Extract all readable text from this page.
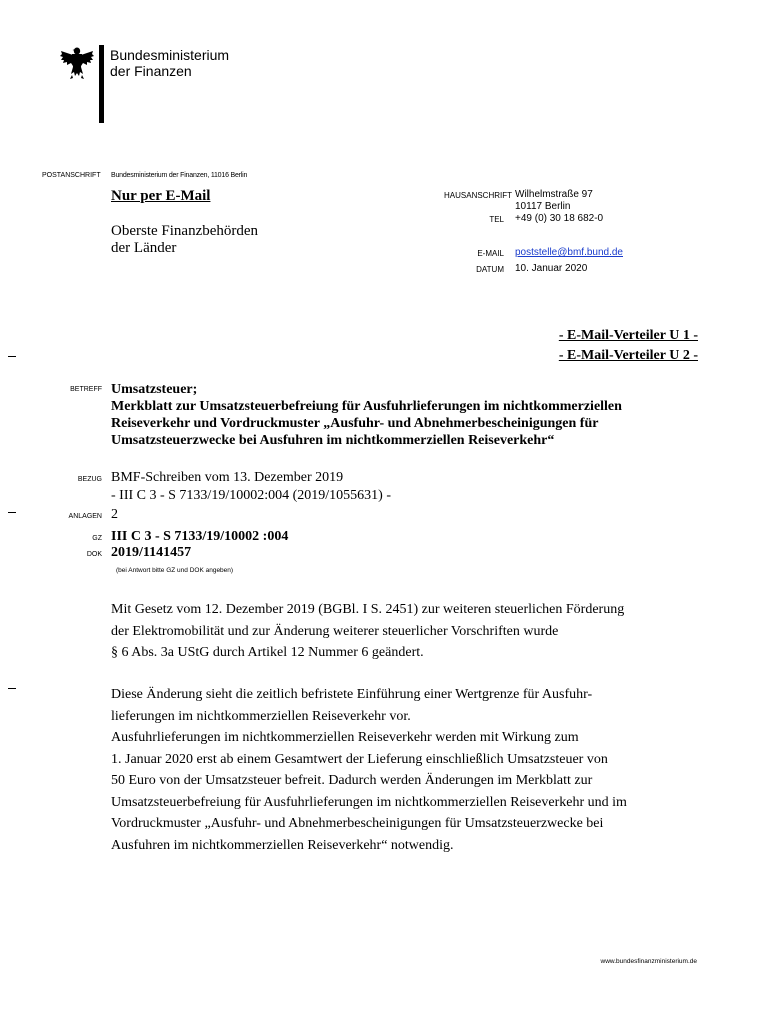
Bundesministerium
der Finanzen
POSTANSCHRIFT Bundesministerium der Finanzen, 11016 Berlin
Nur per E-Mail
Oberste Finanzbehörden
der Länder
HAUSANSCHRIFT Wilhelmstraße 97
10117 Berlin
+49 (0) 30 18 682-0
TEL
E-MAIL poststelle@bmf.bund.de
DATUM 10. Januar 2020
- E-Mail-Verteiler U 1 -
- E-Mail-Verteiler U 2 -
BETREFF Umsatzsteuer;
Merkblatt zur Umsatzsteuerbefreiung für Ausfuhrlieferungen im nichtkommerziellen
Reiseverkehr und Vordruckmuster „Ausfuhr- und Abnehmerbescheinigungen für
Umsatzsteuerzwecke bei Ausfuhren im nichtkommerziellen Reiseverkehr“
BEZUG BMF-Schreiben vom 13. Dezember 2019
- III C 3 - S 7133/19/10002:004 (2019/1055631) -
ANLAGEN 2
GZ III C 3 - S 7133/19/10002 :004
DOK 2019/1141457
(bei Antwort bitte GZ und DOK angeben)
Mit Gesetz vom 12. Dezember 2019 (BGBl. I S. 2451) zur weiteren steuerlichen Förderung
der Elektromobilität und zur Änderung weiterer steuerlicher Vorschriften wurde
§ 6 Abs. 3a UStG durch Artikel 12 Nummer 6 geändert.
Diese Änderung sieht die zeitlich befristete Einführung einer Wertgrenze für Ausfuhr-
lieferungen im nichtkommerziellen Reiseverkehr vor.
Ausfuhrlieferungen im nichtkommerziellen Reiseverkehr werden mit Wirkung zum
1. Januar 2020 erst ab einem Gesamtwert der Lieferung einschließlich Umsatzsteuer von
50 Euro von der Umsatzsteuer befreit. Dadurch werden Änderungen im Merkblatt zur
Umsatzsteuerbefreiung für Ausfuhrlieferungen im nichtkommerziellen Reiseverkehr und im
Vordruckmuster „Ausfuhr- und Abnehmerbescheinigungen für Umsatzsteuerzwecke bei
Ausfuhren im nichtkommerziellen Reiseverkehr“ notwendig.
www.bundesfinanzministerium.de
